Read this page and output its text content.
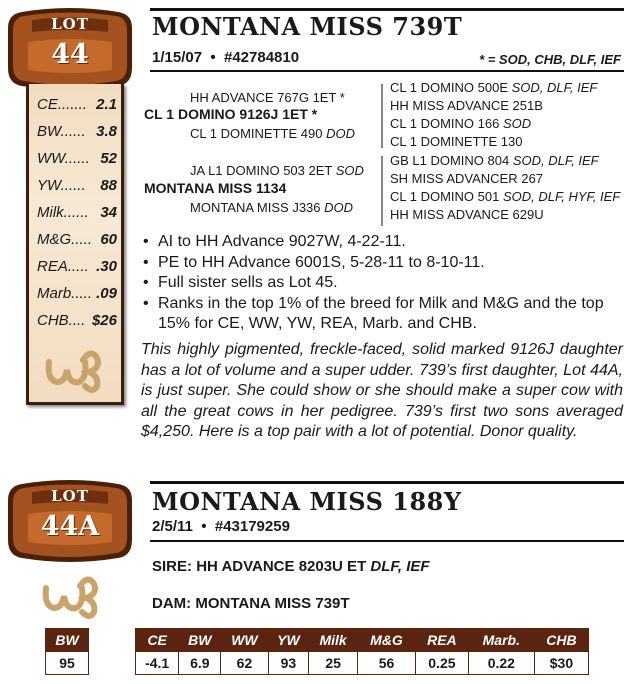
LOT
44
CE....... 2.1
BW...... 3.8
WW...... 52
YW...... 88
Milk...... 34
M&G..... 60
REA..... .30
Marb..... .09
CHB.... $26
MONTANA MISS 739T
1/15/07  •  #42784810	* = SOD, CHB, DLF, IEF
HH ADVANCE 767G 1ET *
CL 1 DOMINO 9126J 1ET *
CL 1 DOMINETTE 490 DOD
JA L1 DOMINO 503 2ET SOD
MONTANA MISS 1134
MONTANA MISS J336 DOD
CL 1 DOMINO 500E SOD, DLF, IEF
HH MISS ADVANCE 251B
CL 1 DOMINO 166 SOD
CL 1 DOMINETTE 130
GB L1 DOMINO 804 SOD, DLF, IEF
SH MISS ADVANCER 267
CL 1 DOMINO 501 SOD, DLF, HYF, IEF
HH MISS ADVANCE 629U
• AI to HH Advance 9027W, 4-22-11.
• PE to HH Advance 6001S, 5-28-11 to 8-10-11.
• Full sister sells as Lot 45.
• Ranks in the top 1% of the breed for Milk and M&G and the top 15% for CE, WW, YW, REA, Marb. and CHB.
This highly pigmented, freckle-faced, solid marked 9126J daughter has a lot of volume and a super udder. 739’s first daughter, Lot 44A, is just super. She could show or she should make a super cow with all the great cows in her pedigree. 739’s first two sons averaged $4,250. Here is a top pair with a lot of potential. Donor quality.
LOT
44A
MONTANA MISS 188Y
2/5/11  •  #43179259
SIRE: HH ADVANCE 8203U ET DLF, IEF
DAM: MONTANA MISS 739T
BW
95
CE	BW	WW	YW	Milk	M&G	REA	Marb.	CHB
-4.1	6.9	62	93	25	56	0.25	0.22	$30
